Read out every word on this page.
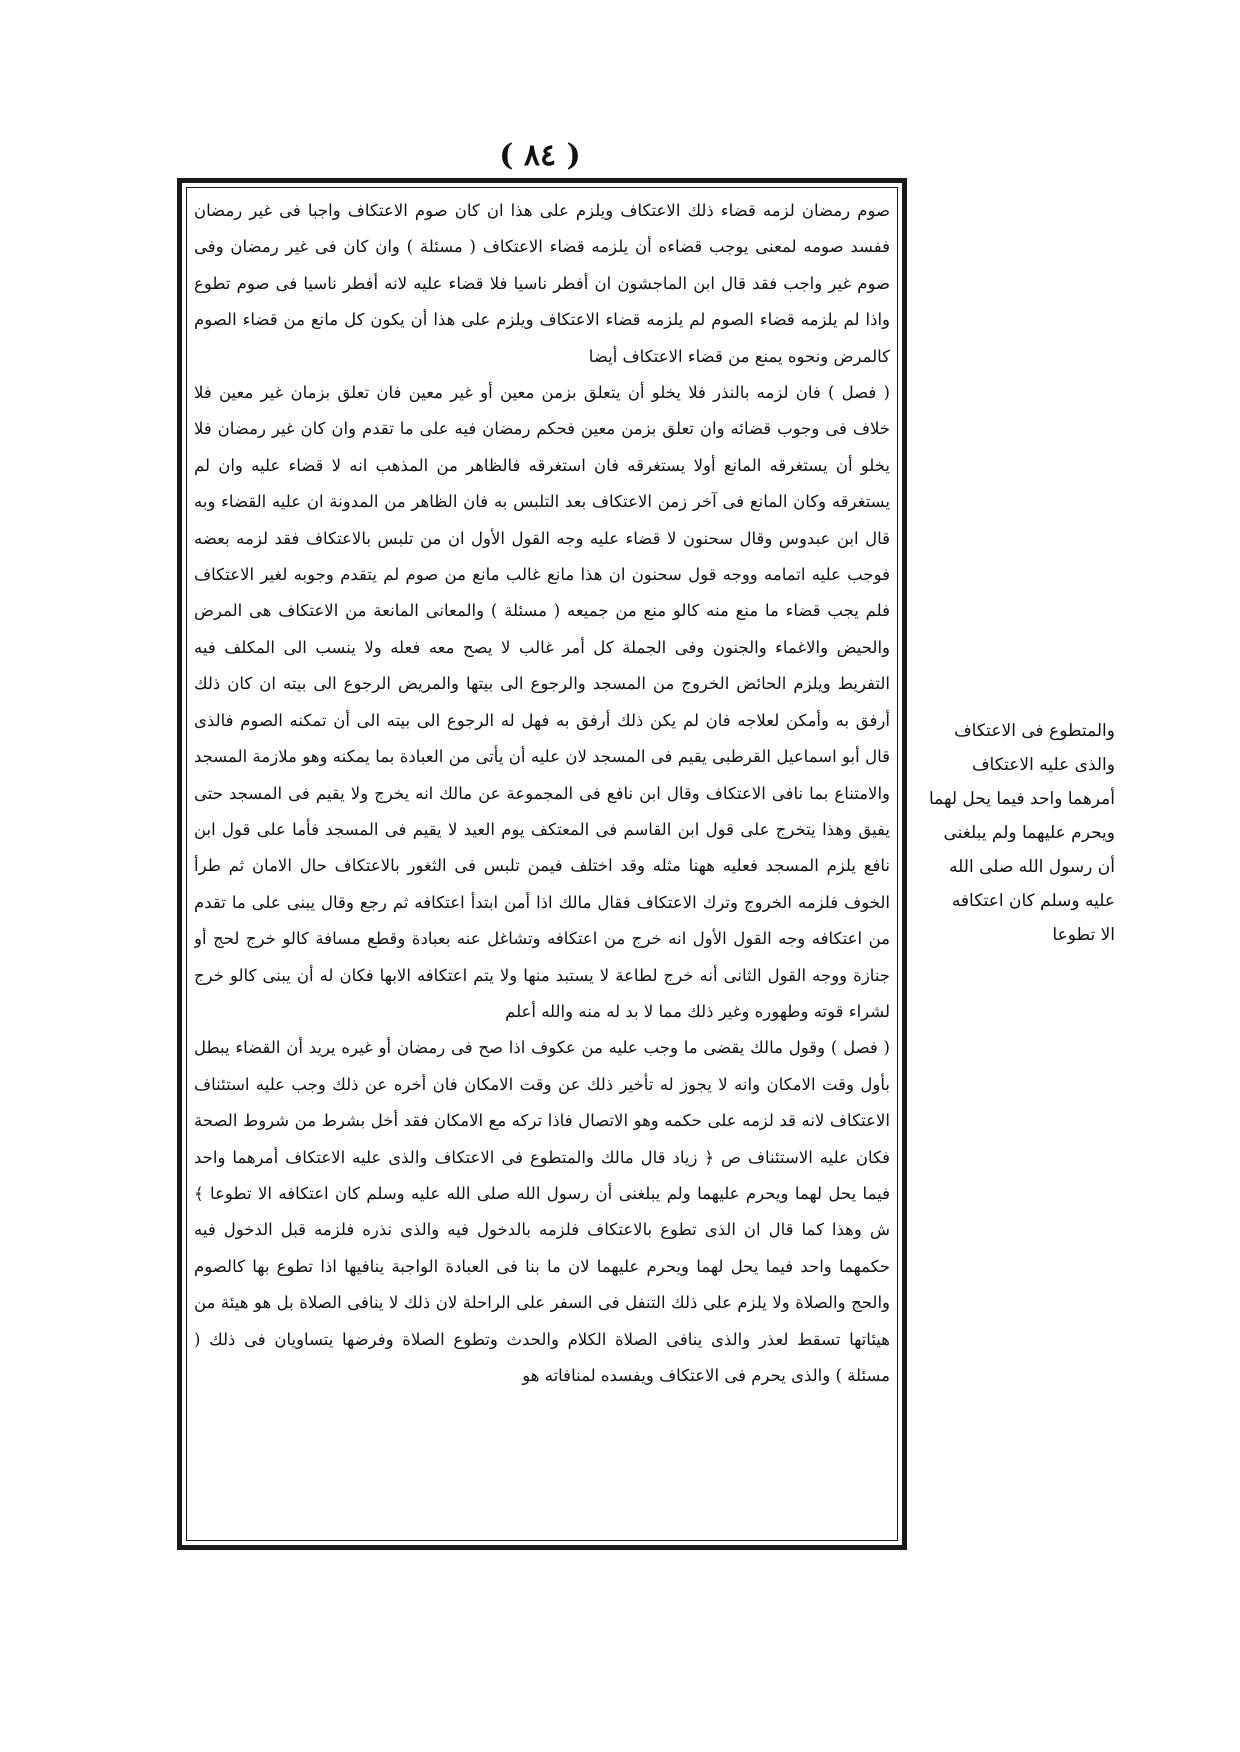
( ٨٤ )

صوم رمضان لزمه قضاء ذلك الاعتكاف ويلزم على هذا ان كان صوم الاعتكاف واجبا فى غير رمضان ففسد صومه لمعنى يوجب قضاءه أن يلزمه قضاء الاعتكاف ( مسئلة ) وان كان فى غير رمضان وفى صوم غير واجب فقد قال ابن الماجشون ان أفطر ناسيا فلا قضاء عليه لانه أفطر ناسيا فى صوم تطوع واذا لم يلزمه قضاء الصوم لم يلزمه قضاء الاعتكاف ويلزم على هذا أن يكون كل مانع من قضاء الصوم كالمرض ونحوه يمنع من قضاء الاعتكاف أيضا

( فصل ) فان لزمه بالنذر فلا يخلو أن يتعلق بزمن معين أو غير معين فان تعلق بزمان غير معين فلا خلاف فى وجوب قضائه وان تعلق بزمن معين فحكم رمضان فيه على ما تقدم وان كان غير رمضان فلا يخلو أن يستغرقه المانع أولا يستغرقه فان استغرقه فالظاهر من المذهب انه لا قضاء عليه وان لم يستغرقه وكان المانع فى آخر زمن الاعتكاف بعد التلبس به فان الظاهر من المدونة ان عليه القضاء وبه قال ابن عبدوس وقال سحنون لا قضاء عليه وجه القول الأول ان من تلبس بالاعتكاف فقد لزمه بعضه فوجب عليه اتمامه ووجه قول سحنون ان هذا مانع غالب مانع من صوم لم يتقدم وجوبه لغير الاعتكاف فلم يجب قضاء ما منع منه كالو منع من جميعه ( مسئلة ) والمعانى المانعة من الاعتكاف هى المرض والحيض والاغماء والجنون وفى الجملة كل أمر غالب لا يصح معه فعله ولا ينسب الى المكلف فيه التفريط ويلزم الحائض الخروج من المسجد والرجوع الى بيتها والمريض الرجوع الى بيته ان كان ذلك أرفق به وأمكن لعلاجه فان لم يكن ذلك أرفق به فهل له الرجوع الى بيته الى أن تمكنه الصوم فالذى قال أبو اسماعيل القرطبى يقيم فى المسجد لان عليه أن يأتى من العبادة بما يمكنه وهو ملازمة المسجد والامتناع بما نافى الاعتكاف وقال ابن نافع فى المجموعة عن مالك انه يخرج ولا يقيم فى المسجد حتى يفيق وهذا يتخرج على قول ابن القاسم فى المعتكف يوم العيد لا يقيم فى المسجد فأما على قول ابن نافع يلزم المسجد فعليه ههنا مثله وقد اختلف فيمن تلبس فى الثغور بالاعتكاف حال الامان ثم طرأ الخوف فلزمه الخروج وترك الاعتكاف فقال مالك اذا أمن ابتدأ اعتكافه ثم رجع وقال يبنى على ما تقدم من اعتكافه وجه القول الأول انه خرج من اعتكافه وتشاغل عنه بعبادة وقطع مسافة كالو خرج لحج أو جنازة ووجه القول الثانى أنه خرج لطاعة لا يستبد منها ولا يتم اعتكافه الابها فكان له أن يبنى كالو خرج لشراء قوته وطهوره وغير ذلك مما لا بد له منه والله أعلم

( فصل ) وقول مالك يقضى ما وجب عليه من عكوف اذا صح فى رمضان أو غيره يريد أن القضاء يبطل بأول وقت الامكان وانه لا يجوز له تأخير ذلك عن وقت الامكان فان أخره عن ذلك وجب عليه استئناف الاعتكاف لانه قد لزمه على حكمه وهو الاتصال فاذا تركه مع الامكان فقد أخل بشرط من شروط الصحة فكان عليه الاستئناف ص ﴿ زياد قال مالك والمتطوع فى الاعتكاف والذى عليه الاعتكاف أمرهما واحد فيما يحل لهما ويحرم عليهما ولم يبلغنى أن رسول الله صلى الله عليه وسلم كان اعتكافه الا تطوعا ﴾ ش وهذا كما قال ان الذى تطوع بالاعتكاف فلزمه بالدخول فيه والذى نذره فلزمه قبل الدخول فيه حكمهما واحد فيما يحل لهما ويحرم عليهما لان ما بنا فى العبادة الواجبة ينافيها اذا تطوع بها كالصوم والحج والصلاة ولا يلزم على ذلك التنفل فى السفر على الراحلة لان ذلك لا ينافى الصلاة بل هو هيئة من هيئاتها تسقط لعذر والذى ينافى الصلاة الكلام والحدث وتطوع الصلاة وفرضها يتساويان فى ذلك ( مسئلة ) والذى يحرم فى الاعتكاف ويفسده لمنافاته هو

والمتطوع فى الاعتكاف
والذى عليه الاعتكاف
أمرهما واحد فيما يحل لهما
ويحرم عليهما ولم يبلغنى
أن رسول الله صلى الله
عليه وسلم كان اعتكافه
الا تطوعا
